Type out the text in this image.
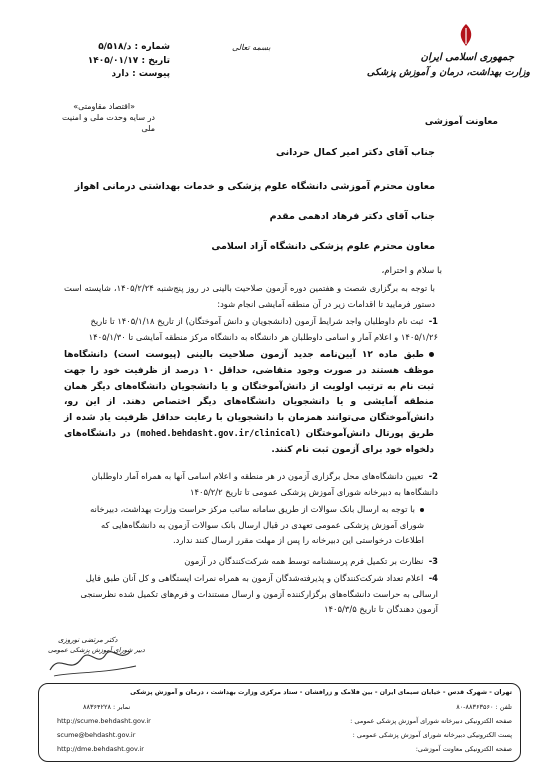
جمهوری اسلامی ایران
وزارت بهداشت، درمان و آموزش پزشکی
معاونت آموزشی
بسمه تعالی
شماره : ۵/۵۱۸/د
تاریخ : ۱۴۰۵/۰۱/۱۷
پیوست : دارد
«اقتصاد مقاومتی»
در سایه وحدت ملی و امنیت
ملی
جناب آقای دکتر امیر کمال حردانی
معاون محترم آموزشی دانشگاه علوم پزشکی و خدمات بهداشتی درمانی اهواز
جناب آقای دکتر فرهاد ادهمی مقدم
معاون محترم علوم پزشکی دانشگاه آزاد اسلامی
با سلام و احترام،
با توجه به برگزاری شصت و هفتمین دوره آزمون صلاحیت بالینی در روز پنج‌شنبه ۱۴۰۵/۲/۲۴، شایسته است دستور فرمایید تا اقدامات زیر در آن منطقه آمایشی انجام شود:
1- ثبت نام داوطلبان واجد شرایط آزمون (دانشجویان و دانش آموختگان) از تاریخ ۱۴۰۵/۱/۱۸ تا تاریخ ۱۴۰۵/۱/۲۶ و اعلام آمار و اسامی داوطلبان هر دانشگاه به دانشگاه مرکز منطقه آمایشی تا ۱۴۰۵/۱/۳۰
طبق ماده ۱۲ آیین‌نامه جدید آزمون صلاحیت بالینی (پیوست است) دانشگاه‌ها موظف هستند در صورت وجود متقاضی، حداقل ۱۰ درصد از ظرفیت خود را جهت ثبت نام به ترتیب اولویت از دانش‌آموختگان و یا دانشجویان دانشگاه‌های دیگر همان منطقه آمایشی و یا دانشجویان دانشگاه‌های دیگر اختصاص دهند. از این رو، دانش‌آموختگان می‌توانند همزمان با دانشجویان با رعایت حداقل ظرفیت یاد شده از طریق پورتال دانش‌آموختگان (mohed.behdasht.gov.ir/clinical) در دانشگاه‌های دلخواه خود برای آزمون ثبت نام کنند.
2- تعیین دانشگاه‌های محل برگزاری آزمون در هر منطقه و اعلام اسامی آنها به همراه آمار داوطلبان دانشگاه‌ها به دبیرخانه شورای آموزش پزشکی عمومی تا تاریخ ۱۴۰۵/۲/۲
با توجه به ارسال بانک سوالات از طریق سامانه ساتب مرکز حراست وزارت بهداشت، دبیرخانه شورای آموزش پزشکی عمومی تعهدی در قبال ارسال بانک سوالات آزمون به دانشگاه‌هایی که اطلاعات درخواستی این دبیرخانه را پس از مهلت مقرر ارسال کنند ندارد.
3- نظارت بر تکمیل فرم پرسشنامه توسط همه شرکت‌کنندگان در آزمون
4- اعلام تعداد شرکت‌کنندگان و پذیرفته‌شدگان آزمون به همراه نمرات ایستگاهی و کل آنان طبق فایل ارسالی به حراست دانشگاه‌های برگزارکننده آزمون و ارسال مستندات و فرم‌های تکمیل شده نظرسنجی آزمون دهندگان تا تاریخ ۱۴۰۵/۳/۵
دکتر مرتضی نوروزی
دبیر شورای آموزش پزشکی عمومی
تهران - شهرک قدس - خیابان سیمای ایران - بین فلامک و زرافشان - ستاد مرکزی وزارت بهداشت ، درمان و آموزش پزشکی
تلفن : ۸۸۳۶۳۵۶۰-۸۰
نمابر : ۸۸۳۶۴۲۲۸
صفحه الکترونیکی دبیرخانه شورای آموزش پزشکی عمومی :
http://scume.behdasht.gov.ir
پست الکترونیکی دبیرخانه شورای آموزش پزشکی عمومی :
scume@behdasht.gov.ir
صفحه الکترونیکی معاونت آموزشی:
http://dme.behdasht.gov.ir
